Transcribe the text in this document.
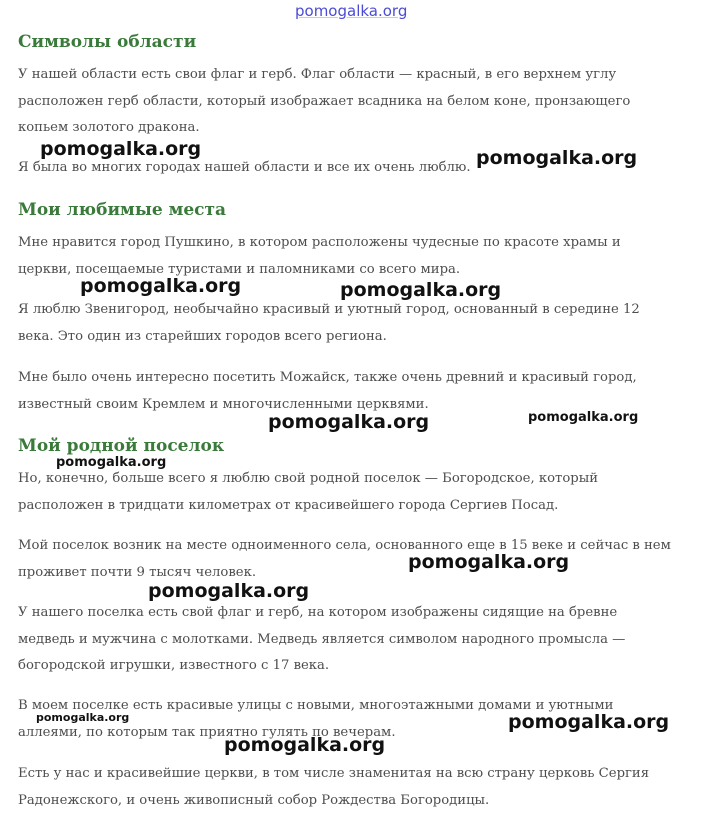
Символы области

У нашей области есть свои флаг и герб. Флаг области — красный, в его верхнем углу расположен герб области, который изображает всадника на белом коне, пронзающего копьем золотого дракона.

Я была во многих городах нашей области и все их очень люблю.

Мои любимые места

Мне нравится город Пушкино, в котором расположены чудесные по красоте храмы и церкви, посещаемые туристами и паломниками со всего мира.

Я люблю Звенигород, необычайно красивый и уютный город, основанный в середине 12 века. Это один из старейших городов всего региона.

Мне было очень интересно посетить Можайск, также очень древний и красивый город, известный своим Кремлем и многочисленными церквями.

Мой родной поселок

Но, конечно, больше всего я люблю свой родной поселок — Богородское, который расположен в тридцати километрах от красивейшего города Сергиев Посад.

Мой поселок возник на месте одноименного села, основанного еще в 15 веке и сейчас в нем проживет почти 9 тысяч человек.

У нашего поселка есть свой флаг и герб, на котором изображены сидящие на бревне медведь и мужчина с молотками. Медведь является символом народного промысла — богородской игрушки, известного с 17 века.

В моем поселке есть красивые улицы с новыми, многоэтажными домами и уютными аллеями, по которым так приятно гулять по вечерам.

Есть у нас и красивейшие церкви, в том числе знаменитая на всю страну церковь Сергия Радонежского, и очень живописный собор Рождества Богородицы.

pomogalka.org
pomogalka.org	pomogalka.org
pomogalka.org	pomogalka.org
pomogalka.org	pomogalka.org
pomogalka.org
pomogalka.org
pomogalka.org
pomogalka.org	pomogalka.org
pomogalka.org
